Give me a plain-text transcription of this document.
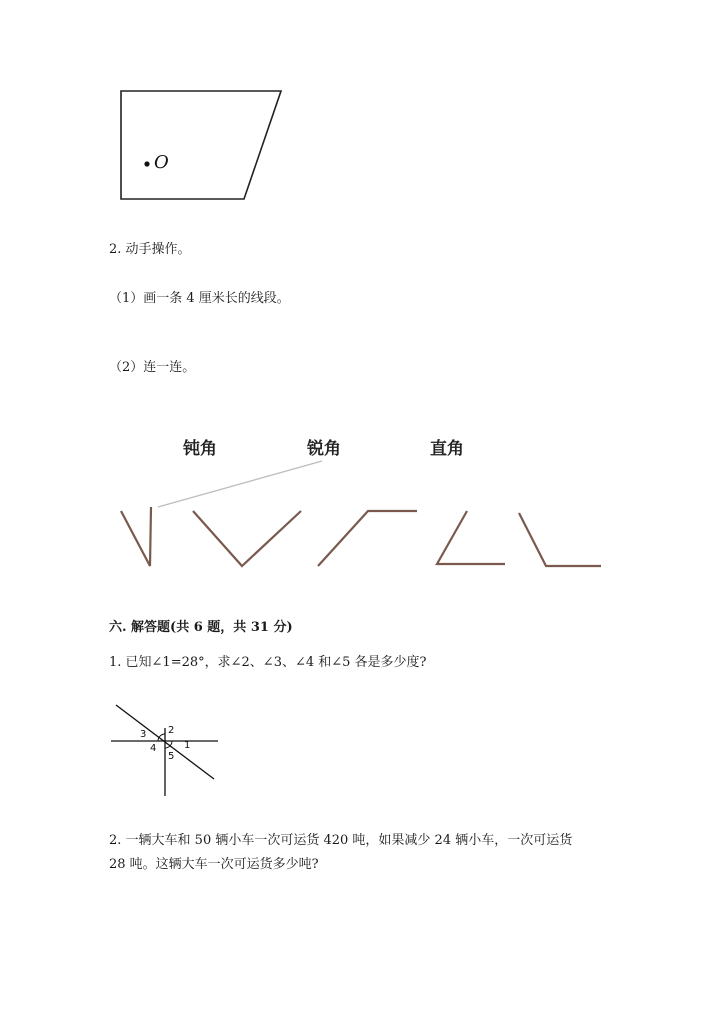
O
2. 动手操作。
（1）画一条 4 厘米长的线段。
（2）连一连。
钝角	锐角	直角
六. 解答题(共 6 题，共 31 分)
1. 已知∠1=28°，求∠2、∠3、∠4 和∠5 各是多少度?
3 2
4	1
5
2. 一辆大车和 50 辆小车一次可运货 420 吨，如果减少 24 辆小车，一次可运货
28 吨。这辆大车一次可运货多少吨?
